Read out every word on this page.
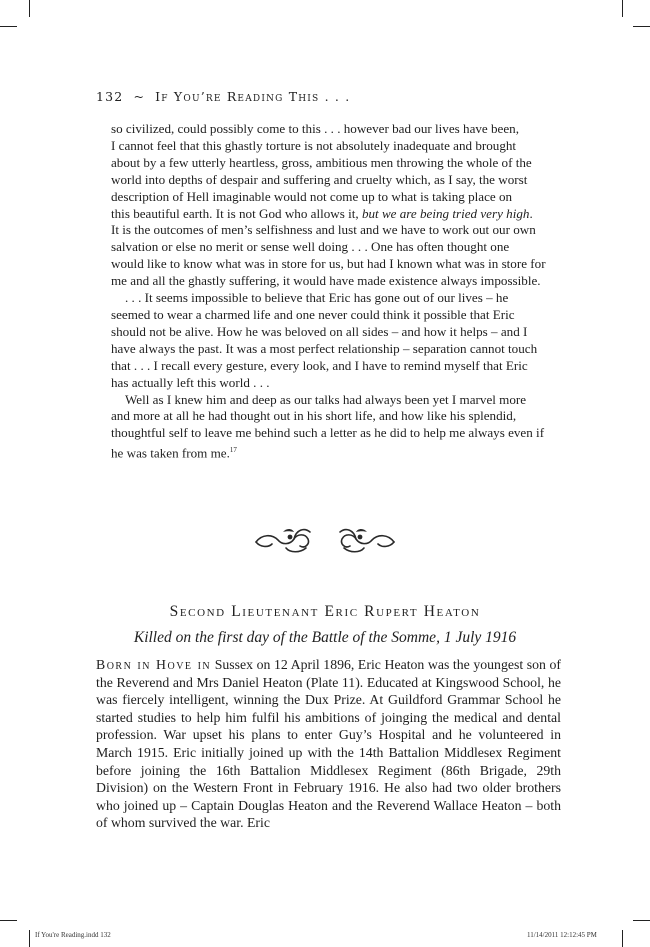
132 ~ If You’re Reading This . . .

so civilized, could possibly come to this . . . however bad our lives have been,
I cannot feel that this ghastly torture is not absolutely inadequate and brought
about by a few utterly heartless, gross, ambitious men throwing the whole of the
world into depths of despair and suffering and cruelty which, as I say, the worst
description of Hell imaginable would not come up to what is taking place on
this beautiful earth. It is not God who allows it, but we are being tried very high.
It is the outcomes of men’s selfishness and lust and we have to work out our own
salvation or else no merit or sense well doing . . . One has often thought one
would like to know what was in store for us, but had I known what was in store for
me and all the ghastly suffering, it would have made existence always impossible.

. . . It seems impossible to believe that Eric has gone out of our lives – he
seemed to wear a charmed life and one never could think it possible that Eric
should not be alive. How he was beloved on all sides – and how it helps – and I
have always the past. It was a most perfect relationship – separation cannot touch
that . . . I recall every gesture, every look, and I have to remind myself that Eric
has actually left this world . . .

Well as I knew him and deep as our talks had always been yet I marvel more
and more at all he had thought out in his short life, and how like his splendid,
thoughtful self to leave me behind such a letter as he did to help me always even if
he was taken from me.$^{17}$

Second Lieutenant Eric Rupert Heaton
Killed on the first day of the Battle of the Somme, 1 July 1916
Born in Hove in Sussex on 12 April 1896, Eric Heaton was the youngest son of the Reverend and Mrs Daniel Heaton (Plate 11). Educated at Kingswood School, he was fiercely intelligent, winning the Dux Prize. At Guildford Grammar School he started studies to help him fulfil his ambitions of joinging the medical and dental profession. War upset his plans to enter Guy’s Hospital and he volunteered in March 1915. Eric initially joined up with the 14th Battalion Middlesex Regiment before joining the 16th Battalion Middlesex Regiment (86th Brigade, 29th Division) on the Western Front in February 1916. He also had two older brothers who joined up – Captain Douglas Heaton and the Reverend Wallace Heaton – both of whom survived the war. Eric
If You're Reading.indd 132	11/14/2011 12:12:45 PM
